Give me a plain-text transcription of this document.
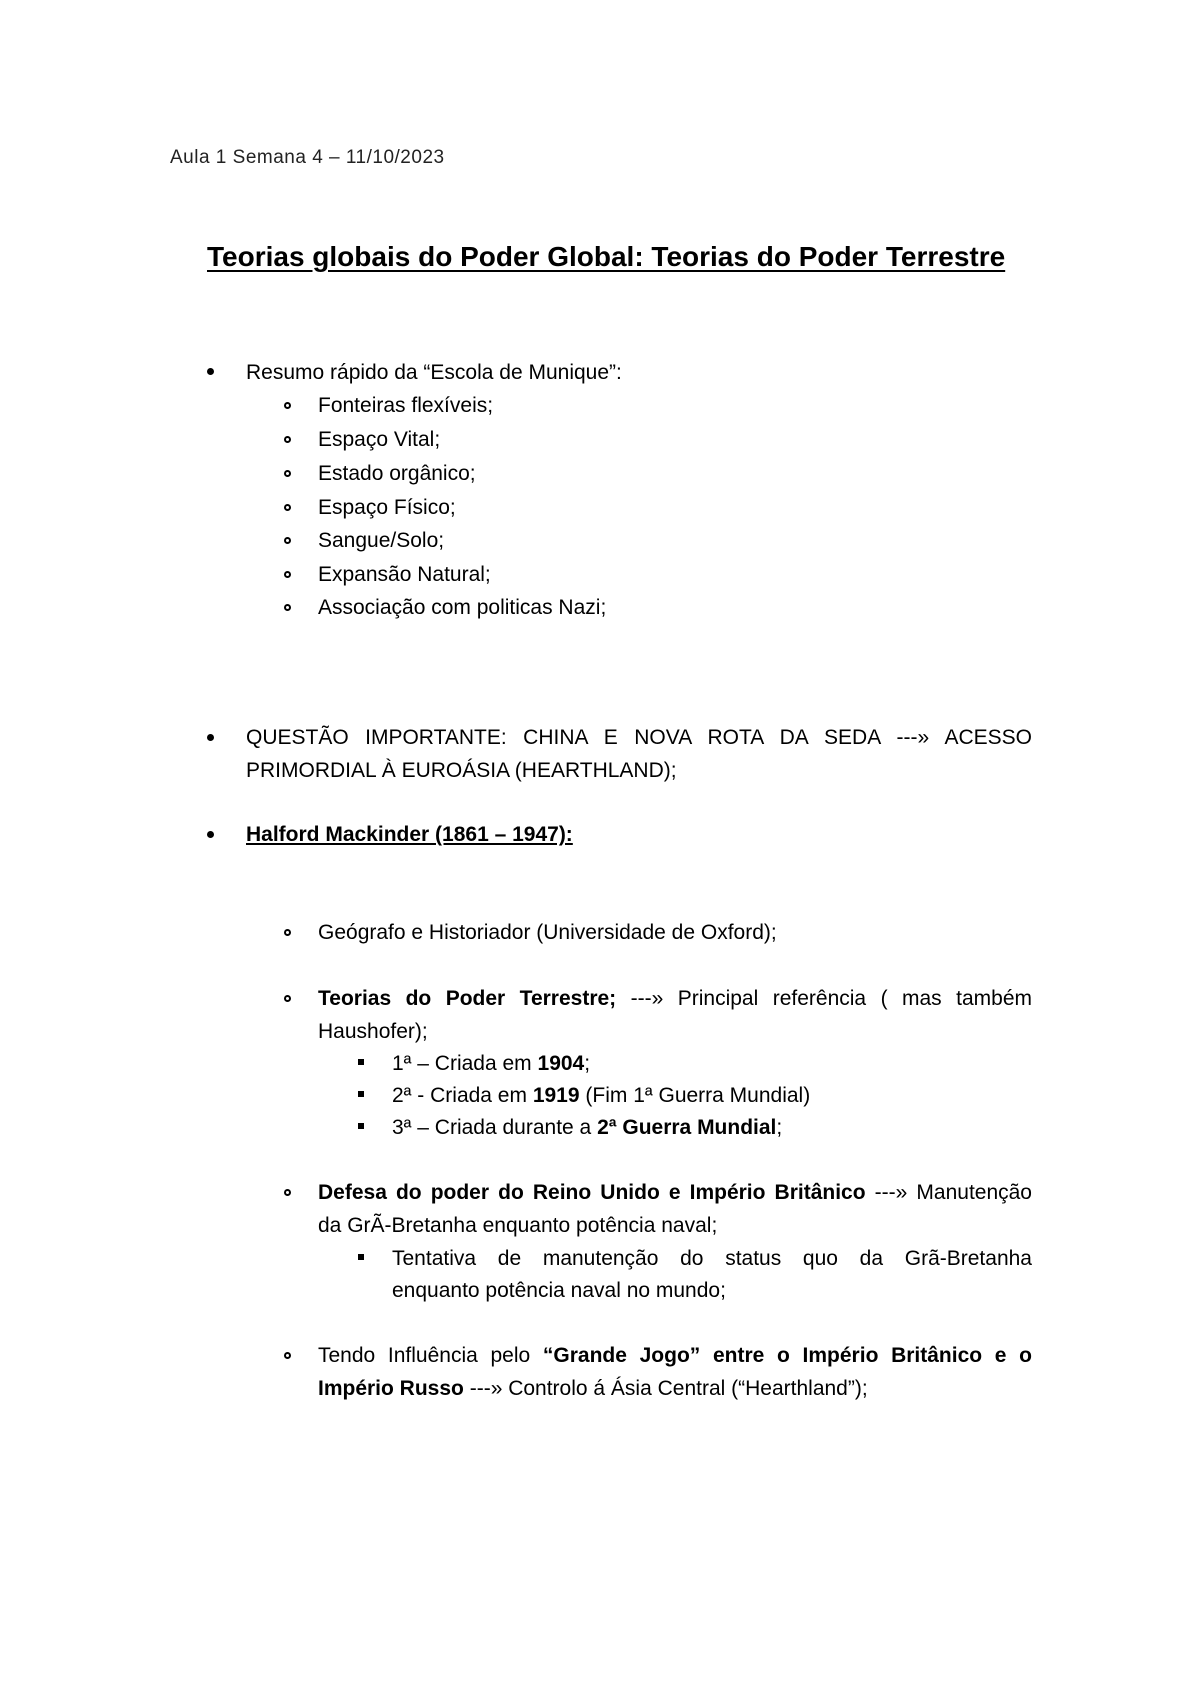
Aula 1 Semana 4 – 11/10/2023
Teorias globais do Poder Global: Teorias do Poder Terrestre
Resumo rápido da “Escola de Munique”:
Fonteiras flexíveis;
Espaço Vital;
Estado orgânico;
Espaço Físico;
Sangue/Solo;
Expansão Natural;
Associação com politicas Nazi;
QUESTÃO IMPORTANTE: CHINA E NOVA ROTA DA SEDA ---» ACESSO
PRIMORDIAL À EUROÁSIA (HEARTHLAND);
Halford Mackinder (1861 – 1947):
Geógrafo e Historiador (Universidade de Oxford);
Teorias do Poder Terrestre; ---» Principal referência ( mas também
Haushofer);
1ª – Criada em 1904;
2ª - Criada em 1919 (Fim 1ª Guerra Mundial)
3ª – Criada durante a 2ª Guerra Mundial;
Defesa do poder do Reino Unido e Império Britânico ---» Manutenção
da GrÃ-Bretanha enquanto potência naval;
Tentativa de manutenção do status quo da Grã-Bretanha
enquanto potência naval no mundo;
Tendo Influência pelo “Grande Jogo” entre o Império Britânico e o
Império Russo ---» Controlo á Ásia Central (“Hearthland”);
